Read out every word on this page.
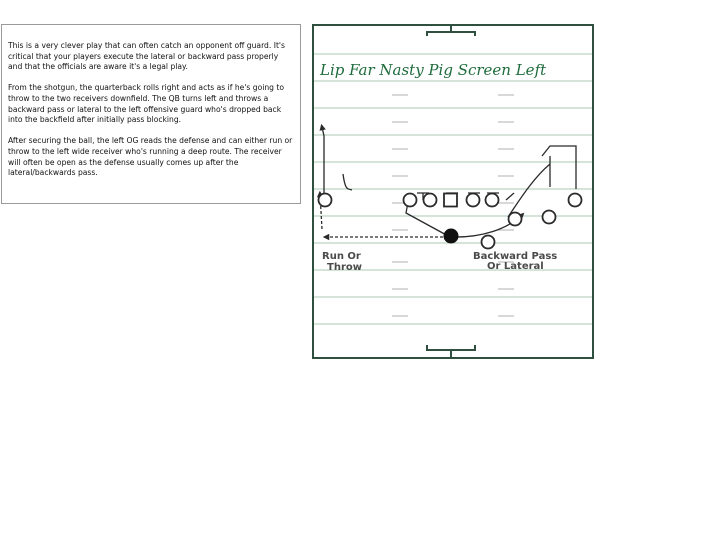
This is a very clever play that can often catch an opponent off guard. It's critical that your players execute the lateral or backward pass properly and that the officials are aware it's a legal play.

From the shotgun, the quarterback rolls right and acts as if he's going to throw to the two receivers downfield. The QB turns left and throws a backward pass or lateral to the left offensive guard who's dropped back into the backfield after initially pass blocking.

After securing the ball, the left OG reads the defense and can either run or throw to the left wide receiver who's running a deep route. The receiver will often be open as the defense usually comes up after the lateral/backwards pass.

Lip Far Nasty Pig Screen Left
Run Or
Throw
Backward Pass
Or Lateral
